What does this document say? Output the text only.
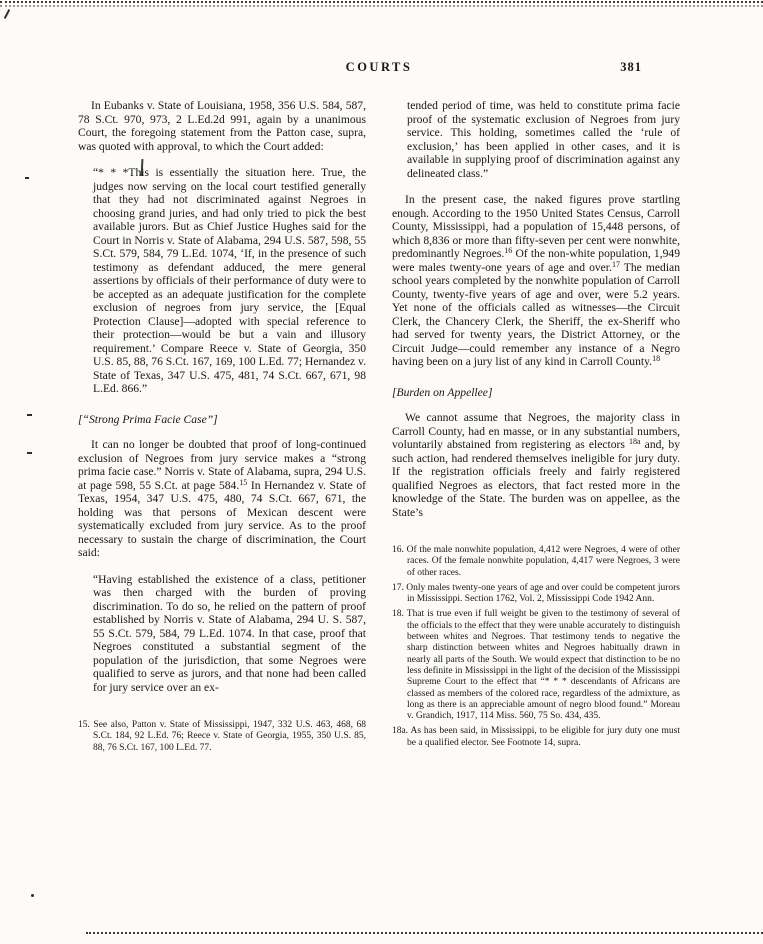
COURTS	381

In Eubanks v. State of Louisiana, 1958, 356 U.S. 584, 587, 78 S.Ct. 970, 973, 2 L.Ed.2d 991, again by a unanimous Court, the foregoing statement from the Patton case, supra, was quoted with approval, to which the Court added:

“* * *This is essentially the situation here. True, the judges now serving on the local court testified generally that they had not discriminated against Negroes in choosing grand juries, and had only tried to pick the best available jurors. But as Chief Justice Hughes said for the Court in Norris v. State of Alabama, 294 U.S. 587, 598, 55 S.Ct. 579, 584, 79 L.Ed. 1074, ‘If, in the presence of such testimony as defendant adduced, the mere general assertions by officials of their performance of duty were to be accepted as an adequate justification for the complete exclusion of negroes from jury service, the [Equal Protection Clause]—adopted with special reference to their protection—would be but a vain and illusory requirement.’ Compare Reece v. State of Georgia, 350 U.S. 85, 88, 76 S.Ct. 167, 169, 100 L.Ed. 77; Hernandez v. State of Texas, 347 U.S. 475, 481, 74 S.Ct. 667, 671, 98 L.Ed. 866.”
[“Strong Prima Facie Case”]

It can no longer be doubted that proof of long-continued exclusion of Negroes from jury service makes a “strong prima facie case.” Norris v. State of Alabama, supra, 294 U.S. at page 598, 55 S.Ct. at page 584.15 In Hernandez v. State of Texas, 1954, 347 U.S. 475, 480, 74 S.Ct. 667, 671, the holding was that persons of Mexican descent were systematically excluded from jury service. As to the proof necessary to sustain the charge of discrimination, the Court said:

“Having established the existence of a class, petitioner was then charged with the burden of proving discrimination. To do so, he relied on the pattern of proof established by Norris v. State of Alabama, 294 U. S. 587, 55 S.Ct. 579, 584, 79 L.Ed. 1074. In that case, proof that Negroes constituted a substantial segment of the population of the jurisdiction, that some Negroes were qualified to serve as jurors, and that none had been called for jury service over an ex-

15. See also, Patton v. State of Mississippi, 1947, 332 U.S. 463, 468, 68 S.Ct. 184, 92 L.Ed. 76; Reece v. State of Georgia, 1955, 350 U.S. 85, 88, 76 S.Ct. 167, 100 L.Ed. 77.

tended period of time, was held to constitute prima facie proof of the systematic exclusion of Negroes from jury service. This holding, sometimes called the ‘rule of exclusion,’ has been applied in other cases, and it is available in supplying proof of discrimination against any delineated class.”

In the present case, the naked figures prove startling enough. According to the 1950 United States Census, Carroll County, Mississippi, had a population of 15,448 persons, of which 8,836 or more than fifty-seven per cent were nonwhite, predominantly Negroes.$^{16}$ Of the non-white population, 1,949 were males twenty-one years of age and over.$^{17}$ The median school years completed by the nonwhite population of Carroll County, twenty-five years of age and over, were 5.2 years. Yet none of the officials called as witnesses—the Circuit Clerk, the Chancery Clerk, the Sheriff, the ex-Sheriff who had served for twenty years, the District Attorney, or the Circuit Judge—could remember any instance of a Negro having been on a jury list of any kind in Carroll County.$^{18}$

[Burden on Appellee]

We cannot assume that Negroes, the majority class in Carroll County, had en masse, or in any substantial numbers, voluntarily abstained from registering as electors $^{18a}$ and, by such action, had rendered themselves ineligible for jury duty. If the registration officials freely and fairly registered qualified Negroes as electors, that fact rested more in the knowledge of the State. The burden was on appellee, as the State’s

16. Of the male nonwhite population, 4,412 were Negroes, 4 were of other races. Of the female nonwhite population, 4,417 were Negroes, 3 were of other races.

17. Only males twenty-one years of age and over could be competent jurors in Mississippi. Section 1762, Vol. 2, Mississippi Code 1942 Ann.

18. That is true even if full weight be given to the testimony of several of the officials to the effect that they were unable accurately to distinguish between whites and Negroes. That testimony tends to negative the sharp distinction between whites and Negroes habitually drawn in nearly all parts of the South. We would expect that distinction to be no less definite in Mississippi in the light of the decision of the Mississippi Supreme Court to the effect that “* * * descendants of Africans are classed as members of the colored race, regardless of the admixture, as long as there is an appreciable amount of negro blood found.” Moreau v. Grandich, 1917, 114 Miss. 560, 75 So. 434, 435.

18a. As has been said, in Mississippi, to be eligible for jury duty one must be a qualified elector. See Footnote 14, supra.
